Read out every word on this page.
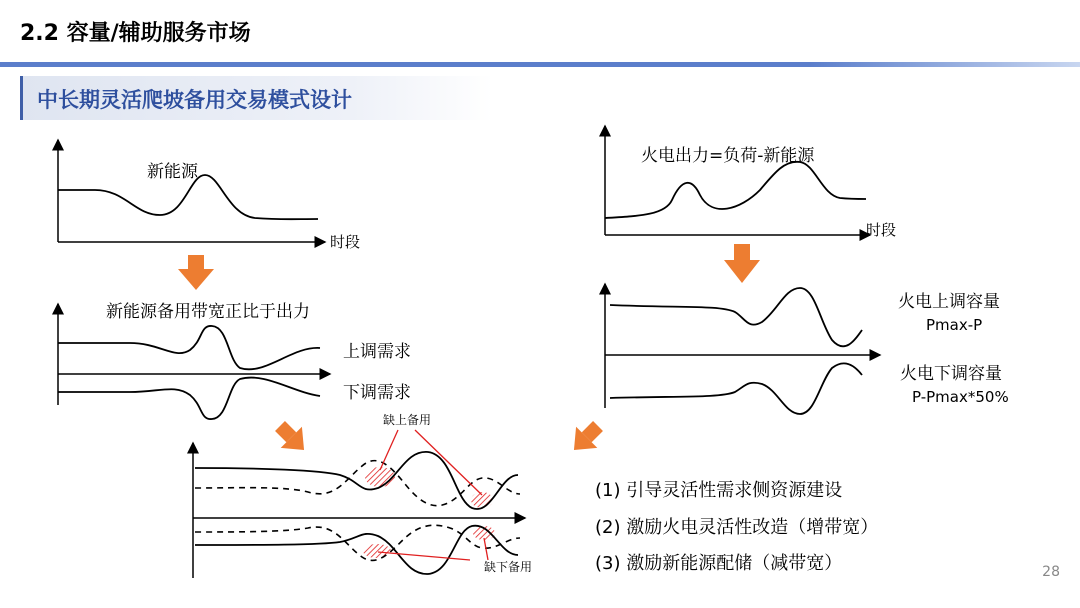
2.2 容量/辅助服务市场
中长期灵活爬坡备用交易模式设计
新能源
时段
火电出力=负荷-新能源
时段
新能源备用带宽正比于出力
上调需求
下调需求
火电上调容量
Pmax-P
火电下调容量
P-Pmax*50%
缺上备用
缺下备用
(1) 引导灵活性需求侧资源建设
(2) 激励火电灵活性改造（增带宽）
(3) 激励新能源配储（减带宽）	28
